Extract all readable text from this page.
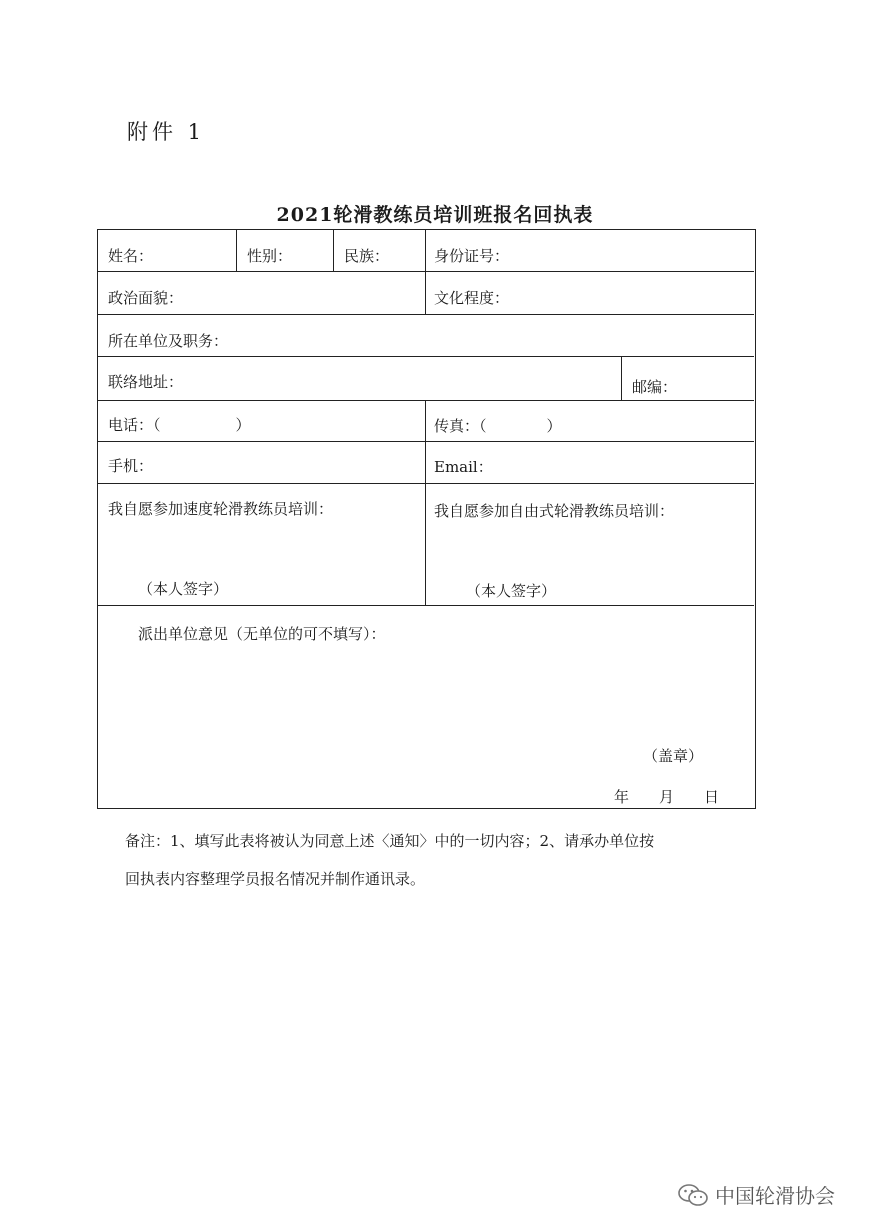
附件 1
2021轮滑教练员培训班报名回执表
姓名：	性别：	民族：	身份证号：
政治面貌：	文化程度：
所在单位及职务：
联络地址：	邮编：
电话：（　　　　　）	传真：（　　　　）
手机：	Email：
我自愿参加速度轮滑教练员培训：	我自愿参加自由式轮滑教练员培训：
（本人签字）	（本人签字）
派出单位意见（无单位的可不填写）：
（盖章）
年　　月　　日
备注：1、填写此表将被认为同意上述〈通知〉中的一切内容；2、请承办单位按
回执表内容整理学员报名情况并制作通讯录。
中国轮滑协会
